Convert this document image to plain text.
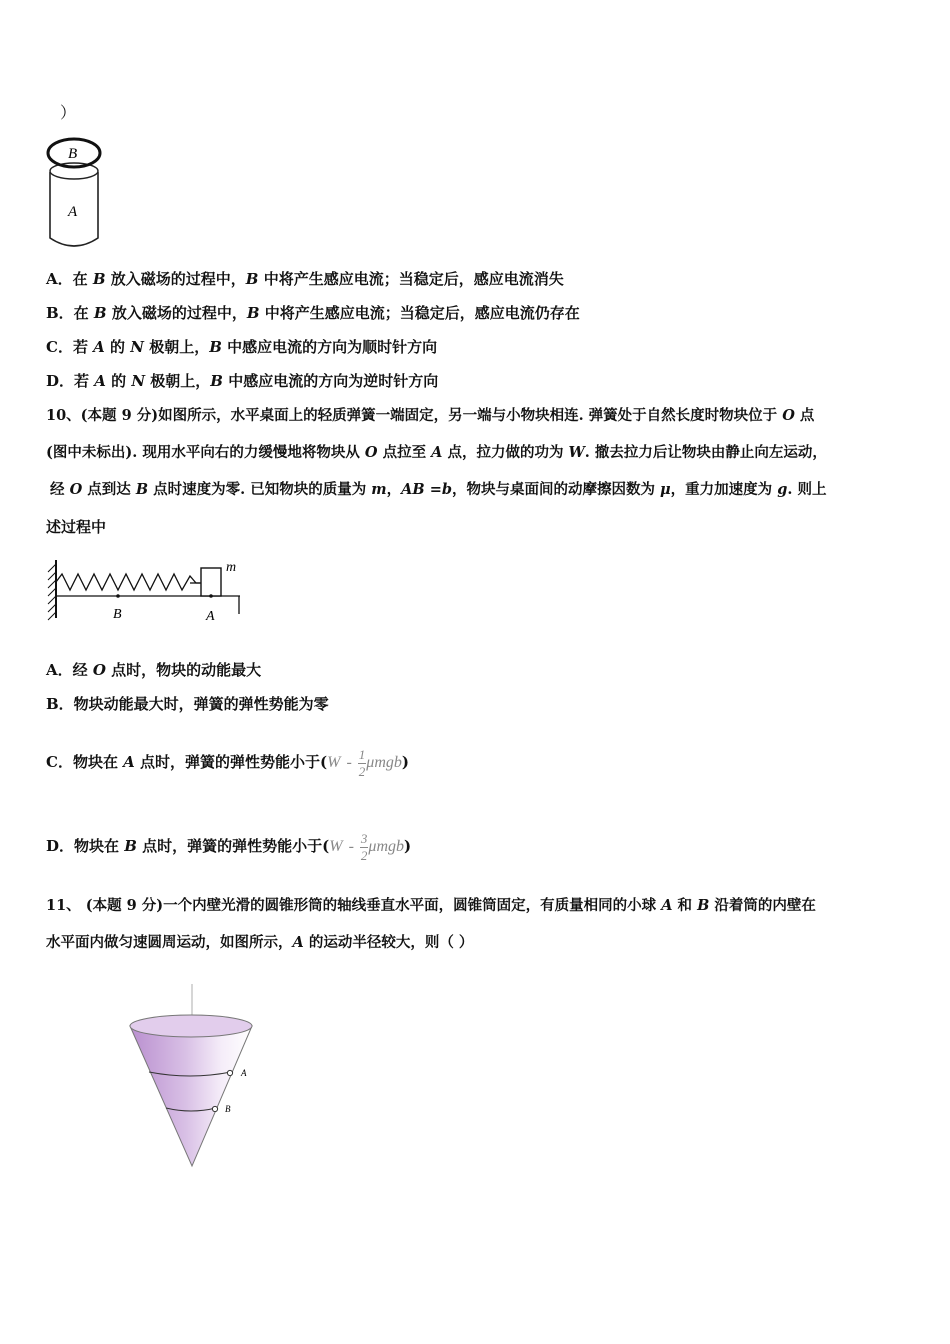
）
B
A
A．在 B 放入磁场的过程中，B 中将产生感应电流；当稳定后，感应电流消失
B．在 B 放入磁场的过程中，B 中将产生感应电流；当稳定后，感应电流仍存在
C．若 A 的 N 极朝上，B 中感应电流的方向为顺时针方向
D．若 A 的 N 极朝上，B 中感应电流的方向为逆时针方向
10、(本题 9 分)如图所示，水平桌面上的轻质弹簧一端固定，另一端与小物块相连. 弹簧处于自然长度时物块位于 O 点
(图中未标出). 现用水平向右的力缓慢地将物块从 O 点拉至 A 点，拉力做的功为 W. 撤去拉力后让物块由静止向左运动，
经 O 点到达 B 点时速度为零. 已知物块的质量为 m，AB =b，物块与桌面间的动摩擦因数为 μ，重力加速度为 g. 则上
述过程中
m
B	A
A．经 O 点时，物块的动能最大
B．物块动能最大时，弹簧的弹性势能为零
C．物块在 A 点时，弹簧的弹性势能小于$(W - \frac{1}{2} \mu mgb)$
D．物块在 B 点时，弹簧的弹性势能小于$(W - \frac{3}{2} \mu mgb)$
11、 (本题 9 分)一个内壁光滑的圆锥形筒的轴线垂直水平面，圆锥筒固定，有质量相同的小球 A 和 B 沿着筒的内壁在
水平面内做匀速圆周运动，如图所示，A 的运动半径较大，则（ ）
A
B
